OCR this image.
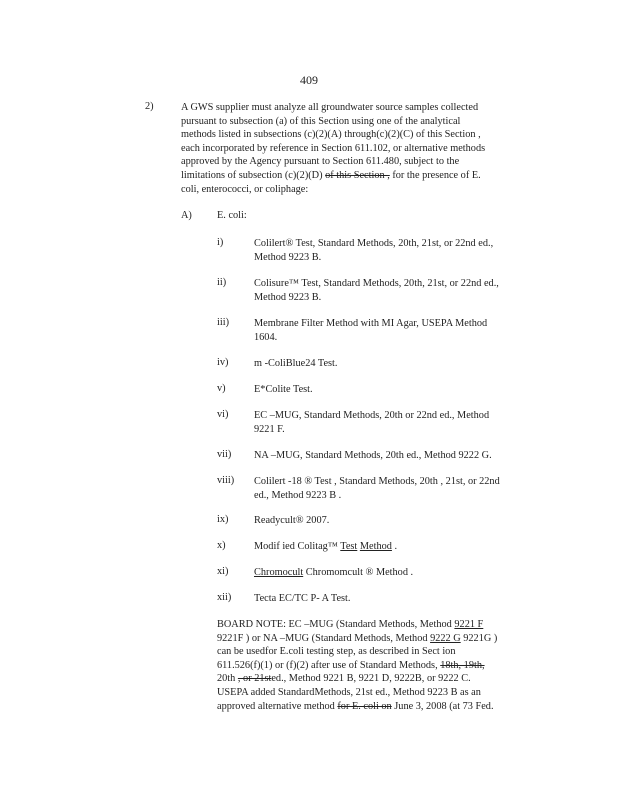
409
2)	A GWS supplier must analyze all groundwater source samples collected
pursuant to subsection (a) of this Section using one of the analytical
methods listed in subsections (c)(2)(A) through(c)(2)(C) of this Section ,
each incorporated by reference in Section 611.102, or alternative methods
approved by the Agency pursuant to Section 611.480, subject to the
limitations of subsection (c)(2)(D) of this Section , for the presence of E.
coli, enterococci, or coliphage:
A) E. coli:
i)	Colilert® Test, Standard Methods, 20th, 21st, or 22nd ed.,
Method 9223 B.
ii)	Colisure™ Test, Standard Methods, 20th, 21st, or 22nd ed.,
Method 9223 B.
iii) Membrane Filter Method with MI Agar, USEPA Method
1604.
iv) m -ColiBlue24 Test.
v)	E*Colite Test.
vi) EC –MUG, Standard Methods, 20th or 22nd ed., Method
9221 F.
vii) NA –MUG, Standard Methods, 20th ed., Method 9222 G.
viii) Colilert -18 ® Test , Standard Methods, 20th , 21st, or 22nd
ed., Method 9223 B .
ix) Readycult® 2007.
x)	Modif ied Colitag™ Test Method .
xi) Chromocult Chromomcult ® Method .
xii) Tecta EC/TC P- A Test.
BOARD NOTE: EC –MUG (Standard Methods, Method 9221 F
9221F ) or NA –MUG (Standard Methods, Method 9222 G 9221G )
can be usedfor E.coli testing step, as described in Sect ion
611.526(f)(1) or (f)(2) after use of Standard Methods, 18th, 19th,
20th , or 21sted., Method 9221 B, 9221 D, 9222B, or 9222 C.
USEPA added StandardMethods, 21st ed., Method 9223 B as an
approved alternative method for E. coli on June 3, 2008 (at 73 Fed.
